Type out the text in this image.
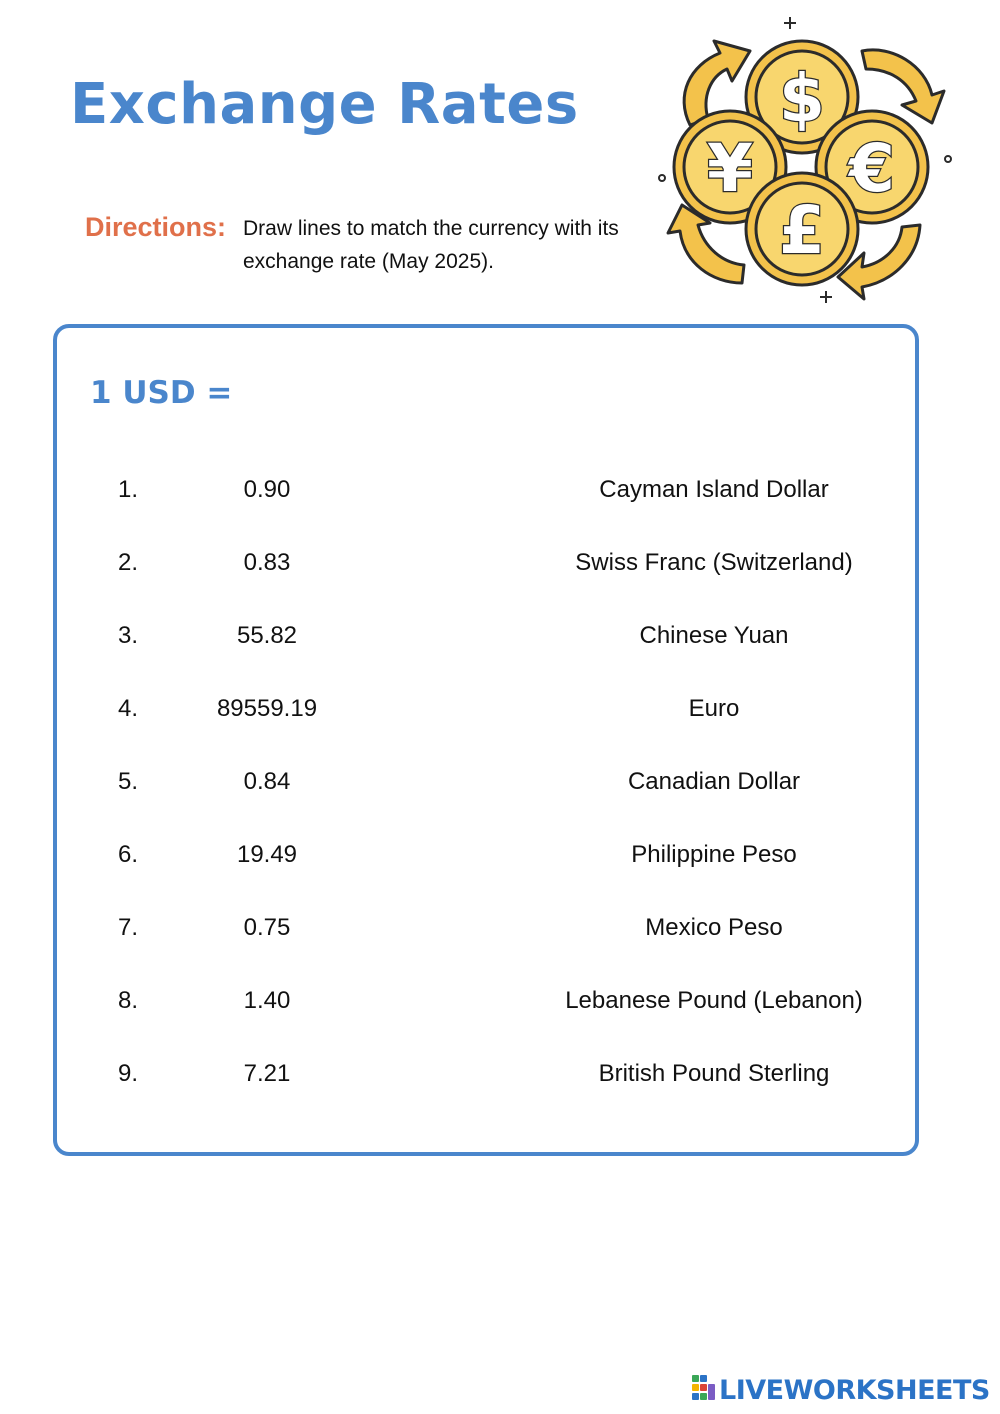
Exchange Rates
Directions: Draw lines to match the currency with its exchange rate (May 2025).
$
¥ €
£
1 USD =
1.	0.90	Cayman Island Dollar
2.	0.83	Swiss Franc (Switzerland)
3.	55.82	Chinese Yuan
4.	89559.19	Euro
5.	0.84	Canadian Dollar
6.	19.49	Philippine Peso
7.	0.75	Mexico Peso
8.	1.40	Lebanese Pound (Lebanon)
9.	7.21	British Pound Sterling
LIVEWORKSHEETS
